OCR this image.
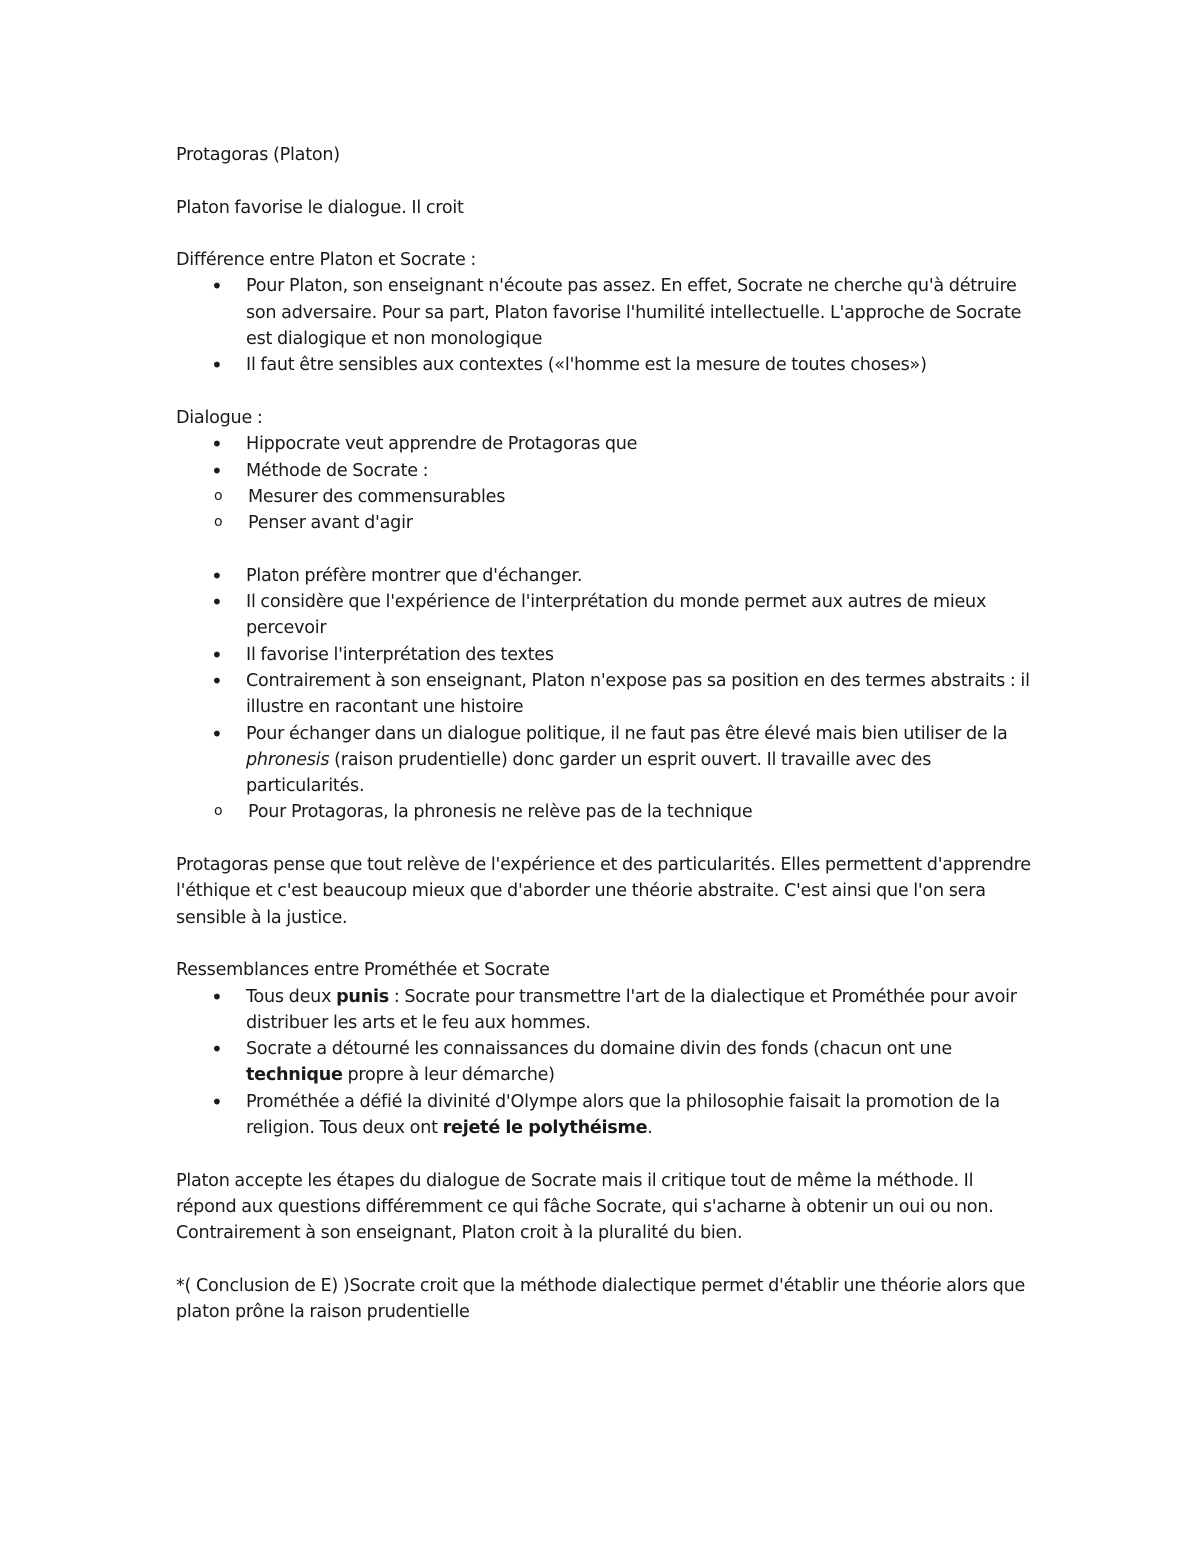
Protagoras (Platon)

Platon favorise le dialogue. Il croit

Différence entre Platon et Socrate :

• Pour Platon, son enseignant n'écoute pas assez. En effet, Socrate ne cherche qu'à détruire son adversaire. Pour sa part, Platon favorise l'humilité intellectuelle. L'approche de Socrate est dialogique et non monologique
• Il faut être sensibles aux contextes («l'homme est la mesure de toutes choses»)

Dialogue :

• Hippocrate veut apprendre de Protagoras que
• Méthode de Socrate :
o Mesurer des commensurables
o Penser avant d'agir
• Platon préfère montrer que d'échanger.
• Il considère que l'expérience de l'interprétation du monde permet aux autres de mieux percevoir
• Il favorise l'interprétation des textes
• Contrairement à son enseignant, Platon n'expose pas sa position en des termes abstraits : il illustre en racontant une histoire
• Pour échanger dans un dialogue politique, il ne faut pas être élevé mais bien utiliser de la phronesis (raison prudentielle) donc garder un esprit ouvert. Il travaille avec des particularités.
o Pour Protagoras, la phronesis ne relève pas de la technique

Protagoras pense que tout relève de l'expérience et des particularités. Elles permettent d'apprendre l'éthique et c'est beaucoup mieux que d'aborder une théorie abstraite. C'est ainsi que l'on sera sensible à la justice.

Ressemblances entre Prométhée et Socrate

• Tous deux punis : Socrate pour transmettre l'art de la dialectique et Prométhée pour avoir distribuer les arts et le feu aux hommes.
• Socrate a détourné les connaissances du domaine divin des fonds (chacun ont une technique propre à leur démarche)
• Prométhée a défié la divinité d'Olympe alors que la philosophie faisait la promotion de la religion. Tous deux ont rejeté le polythéisme.

Platon accepte les étapes du dialogue de Socrate mais il critique tout de même la méthode. Il répond aux questions différemment ce qui fâche Socrate, qui s'acharne à obtenir un oui ou non. Contrairement à son enseignant, Platon croit à la pluralité du bien.

*( Conclusion de E) )Socrate croit que la méthode dialectique permet d'établir une théorie alors que platon prône la raison prudentielle
